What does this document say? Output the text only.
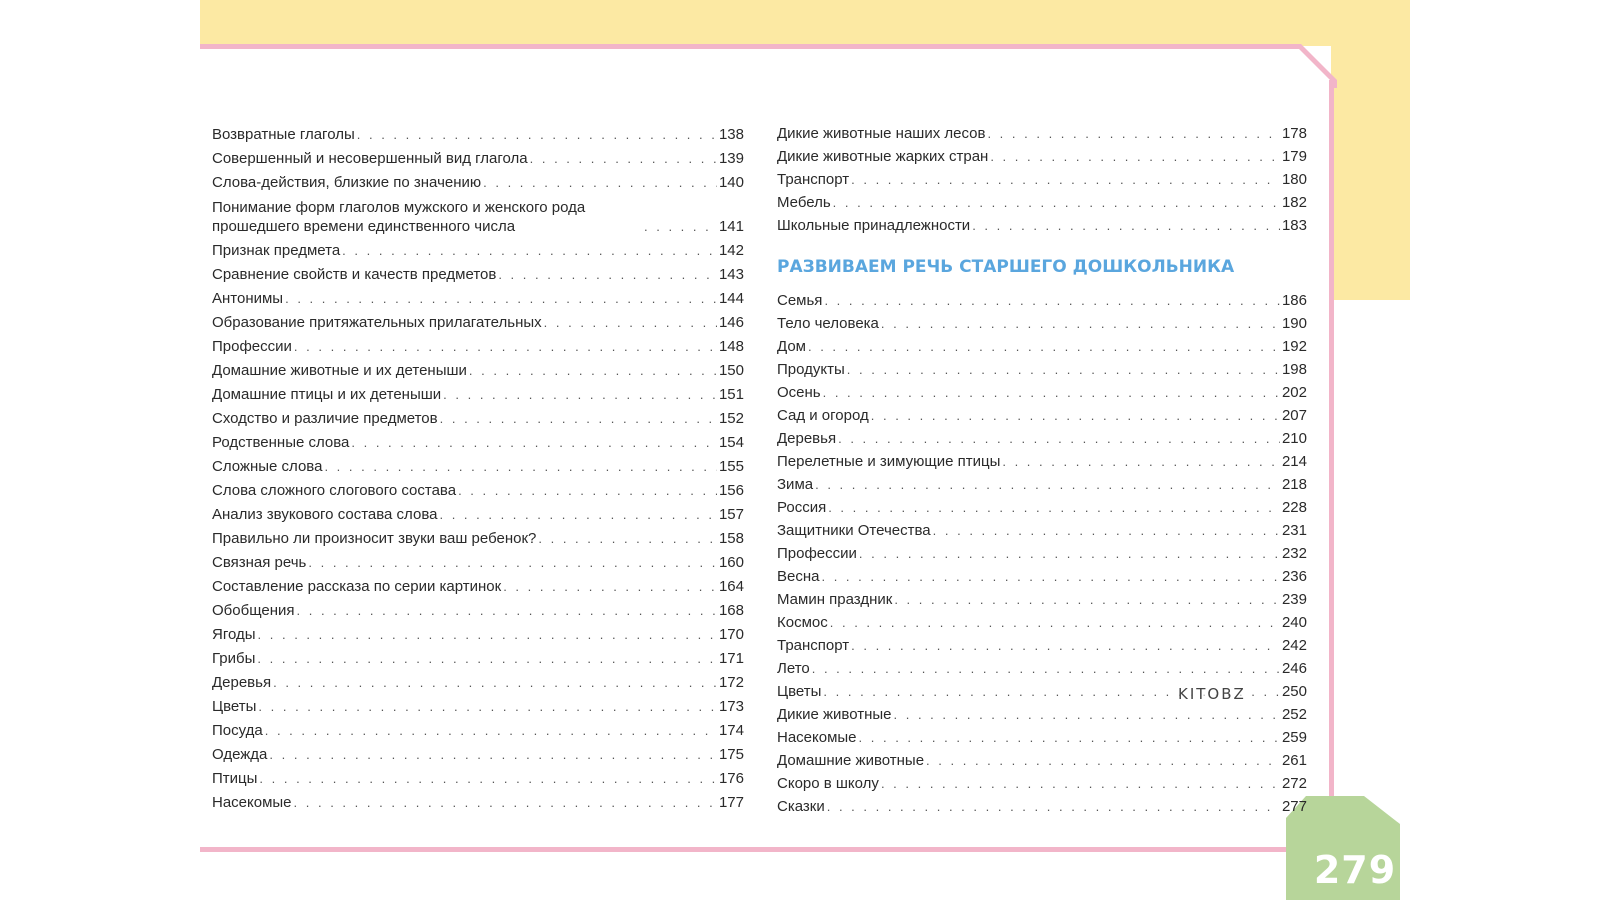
279
Возвратные глаголы . . .	138
Совершенный и несовершенный вид глагола . . .	139
Слова-действия, близкие по значению . . .	140
Понимание форм глаголов мужского и женского рода прошедшего времени единственного числа . . .	141
Признак предмета . . .	142
Сравнение свойств и качеств предметов . . .	143
Антонимы . . .	144
Образование притяжательных прилагательных . . .	146
Профессии . . .	148
Домашние животные и их детеныши . . .	150
Домашние птицы и их детеныши . . .	151
Сходство и различие предметов . . .	152
Родственные слова . . .	154
Сложные слова . . .	155
Слова сложного слогового состава . . .	156
Анализ звукового состава слова . . .	157
Правильно ли произносит звуки ваш ребенок? . . .	158
Связная речь . . .	160
Составление рассказа по серии картинок . . .	164
Обобщения . . .	168
Ягоды . . .	170
Грибы . . .	171
Деревья . . .	172
Цветы . . .	173
Посуда . . .	174
Одежда . . .	175
Птицы . . .	176
Насекомые . . .	177
Дикие животные наших лесов . . .	178
Дикие животные жарких стран . . .	179
Транспорт . . .	180
Мебель . . .	182
Школьные принадлежности . . .	183
РАЗВИВАЕМ РЕЧЬ СТАРШЕГО ДОШКОЛЬНИКА
Семья . . .	186
Тело человека . . .	190
Дом . . .	192
Продукты . . .	198
Осень . . .	202
Сад и огород . . .	207
Деревья . . .	210
Перелетные и зимующие птицы . . .	214
Зима . . .	218
Россия . . .	228
Защитники Отечества . . .	231
Профессии . . .	232
Весна . . .	236
Мамин праздник . . .	239
Космос . . .	240
Транспорт . . .	242
Лето . . .	246
Цветы . . .	250
Дикие животные . . .	252
Насекомые . . .	259
Домашние животные . . .	261
Скоро в школу . . .	272
Сказки . . .	277
KITOBZ
